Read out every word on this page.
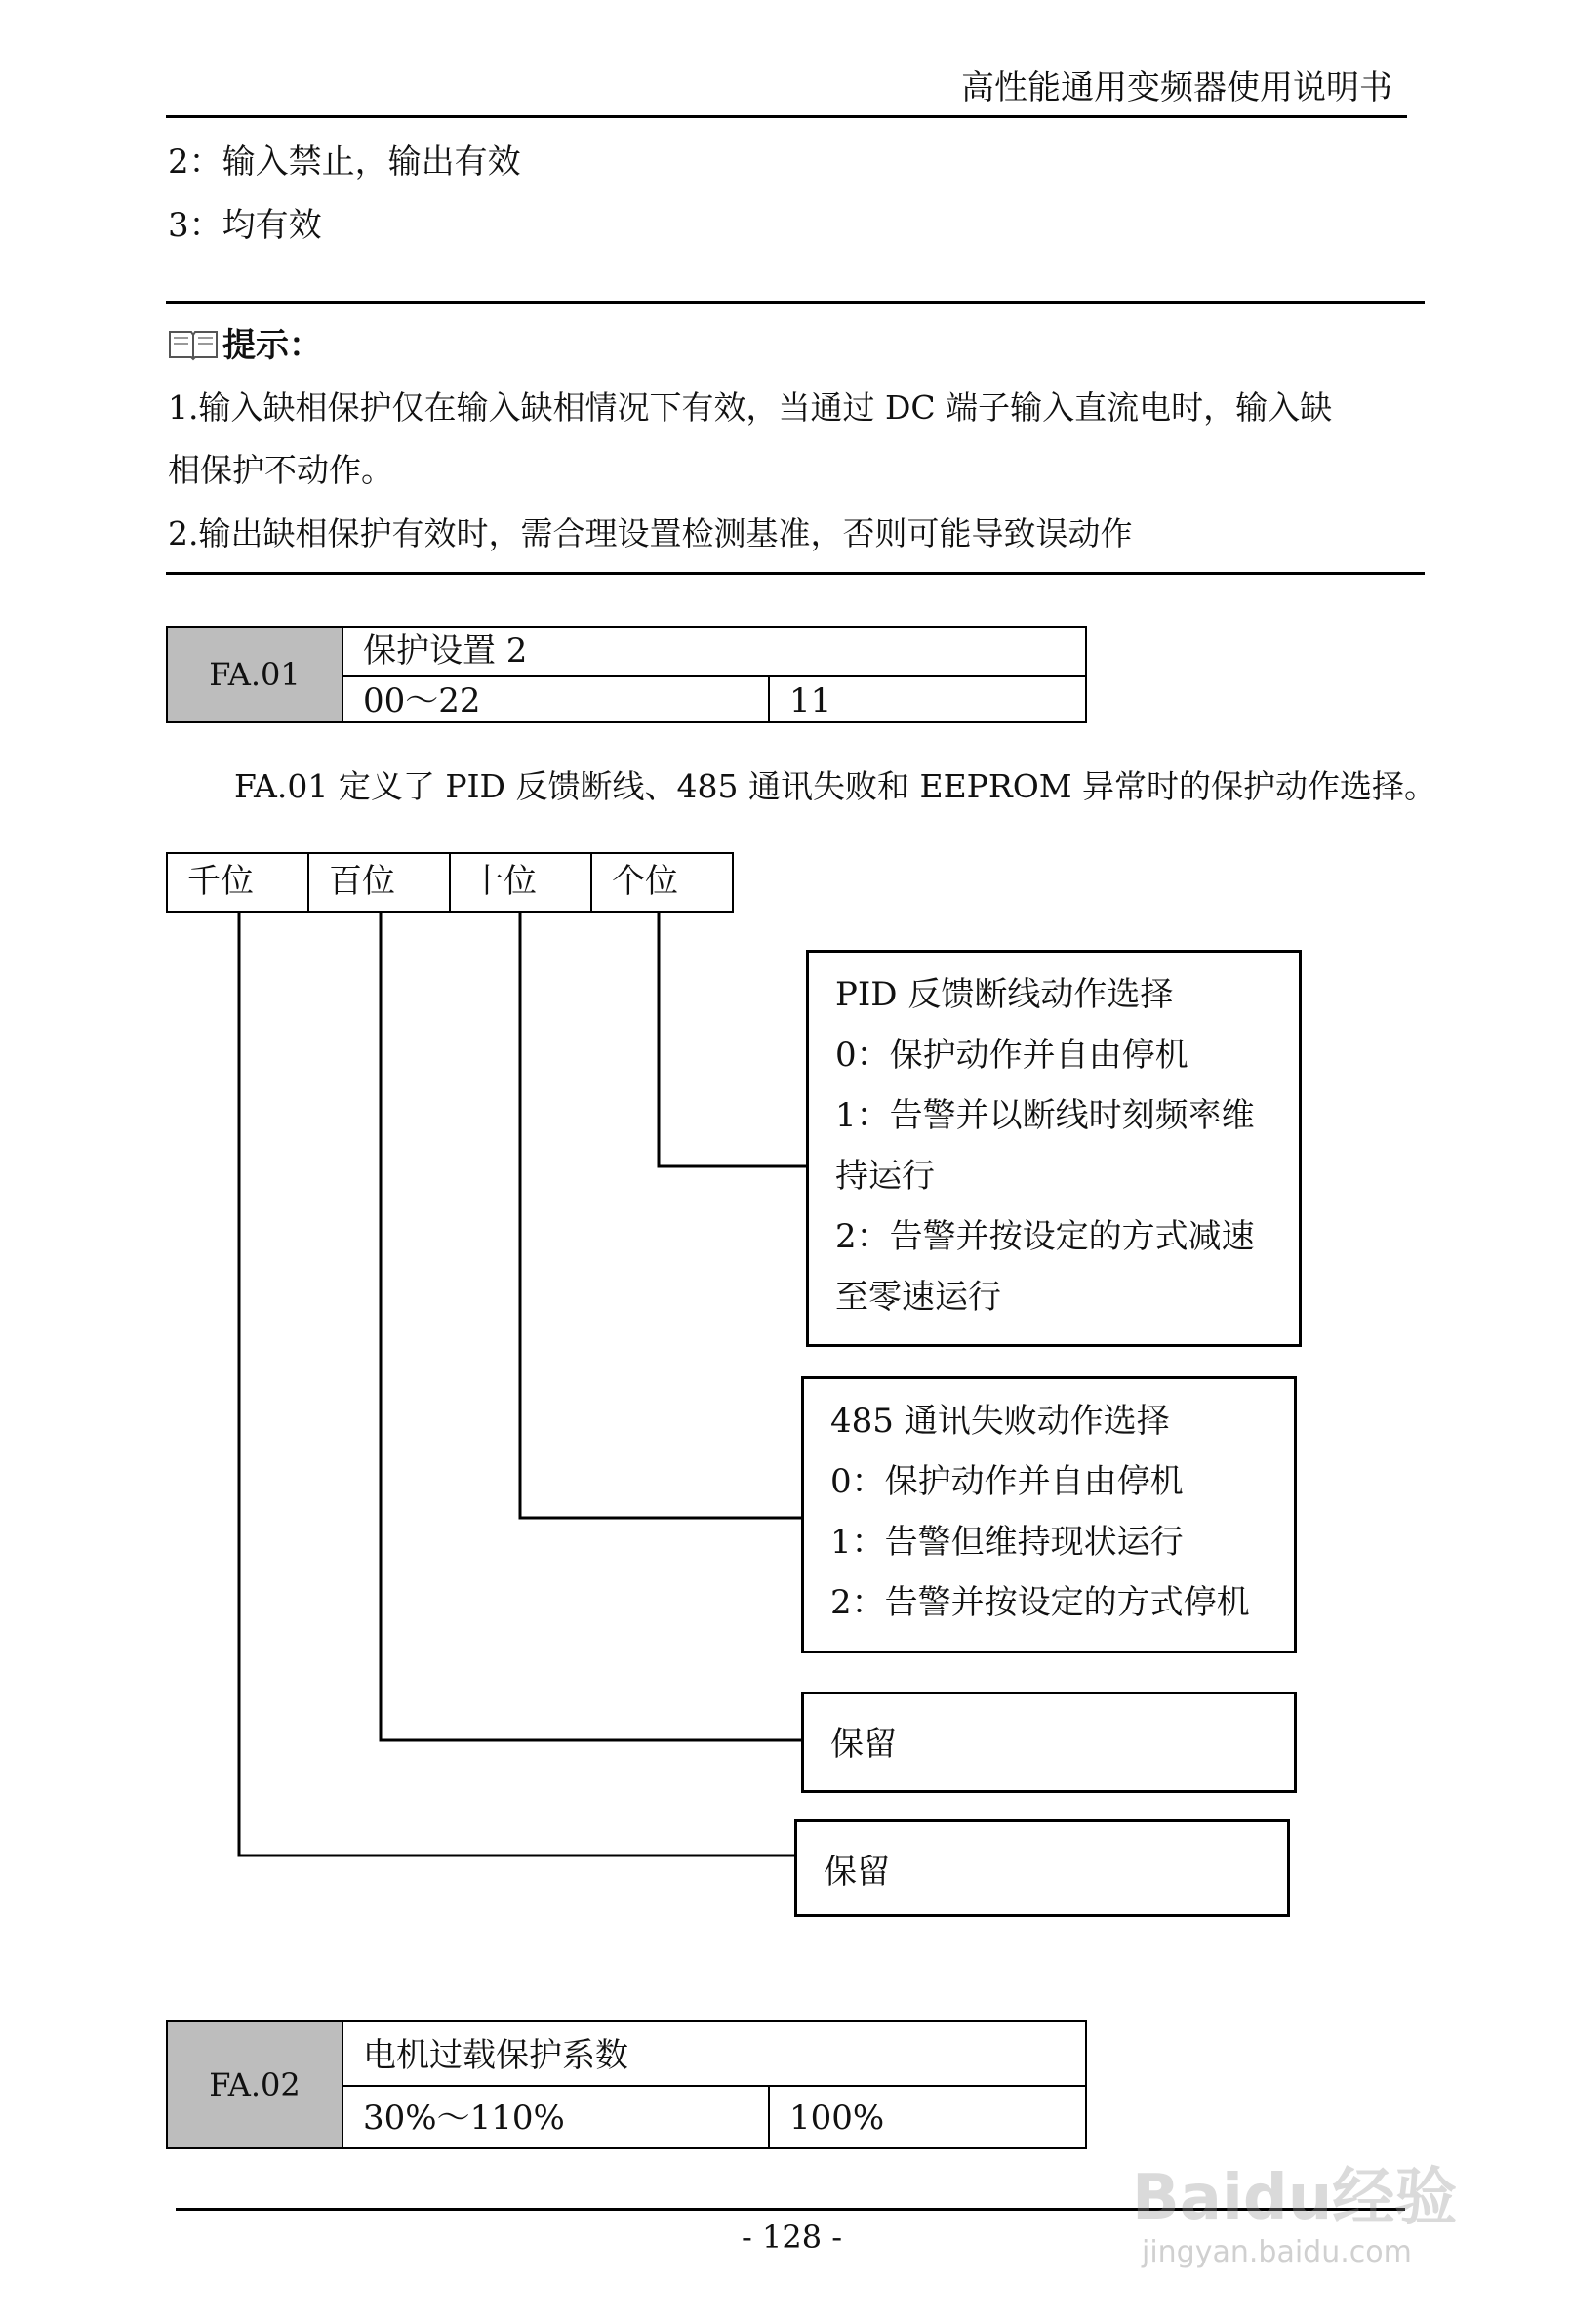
高性能通用变频器使用说明书
2：输入禁止，输出有效
3：均有效
提示：
1.输入缺相保护仅在输入缺相情况下有效，当通过 DC 端子输入直流电时，输入缺
相保护不动作。
2.输出缺相保护有效时，需合理设置检测基准，否则可能导致误动作
FA.01
保护设置 2
00～22	11
FA.01 定义了 PID 反馈断线、485 通讯失败和 EEPROM 异常时的保护动作选择。
千位	百位	十位	个位
PID 反馈断线动作选择
0：保护动作并自由停机
1：告警并以断线时刻频率维
持运行
2：告警并按设定的方式减速
至零速运行
485 通讯失败动作选择
0：保护动作并自由停机
1：告警但维持现状运行
2：告警并按设定的方式停机
保留
保留
FA.02
电机过载保护系数
30%～110%	100%
- 128 -
Baidu经验
jingyan.baidu.com
